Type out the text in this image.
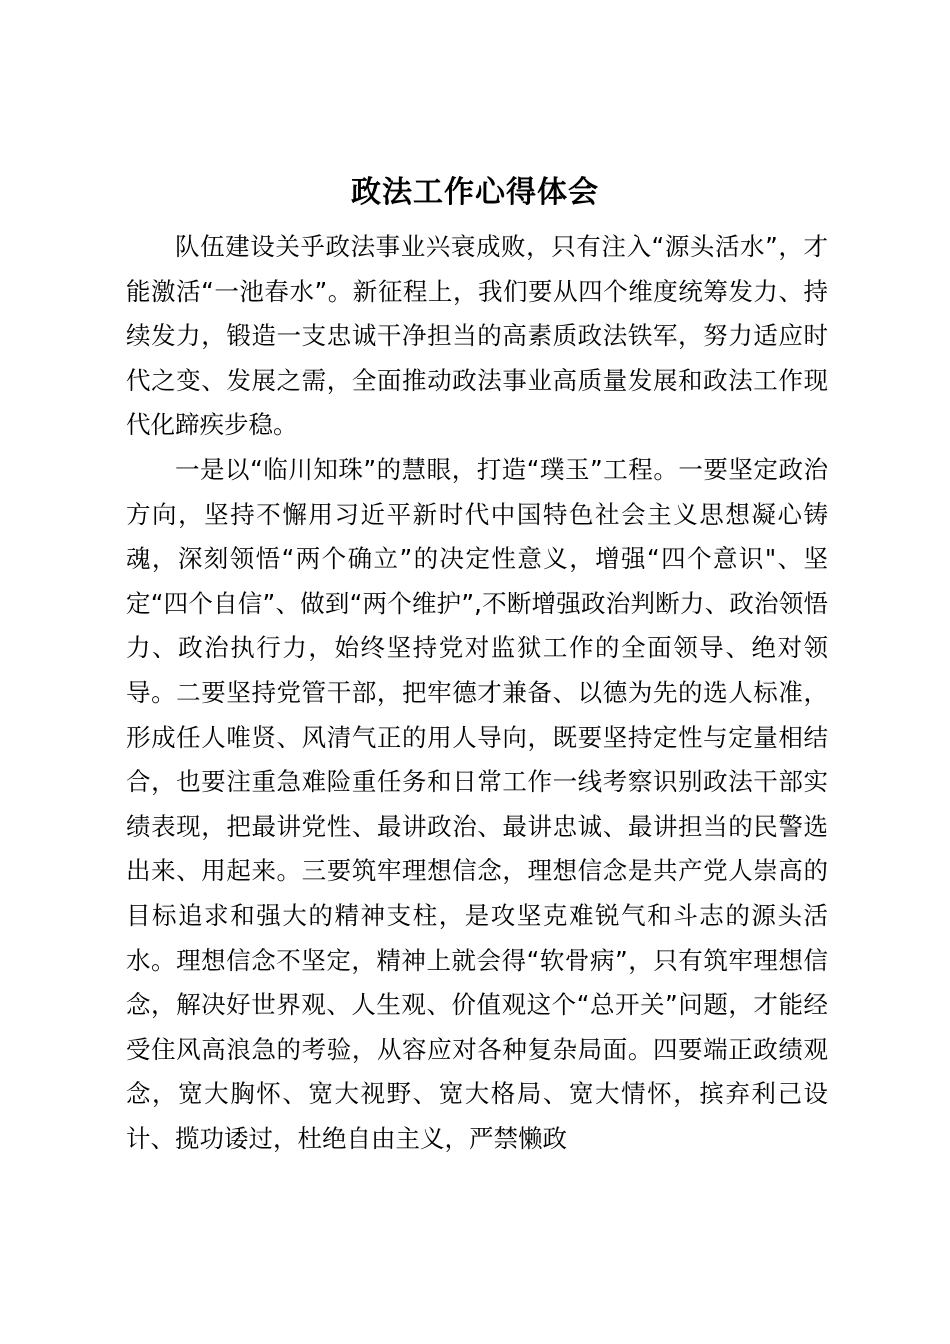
政法工作心得体会

队伍建设关乎政法事业兴衰成败，只有注入“源头活水”，才能激活“一池春水”。新征程上，我们要从四个维度统筹发力、持续发力，锻造一支忠诚干净担当的高素质政法铁军，努力适应时代之变、发展之需，全面推动政法事业高质量发展和政法工作现代化蹄疾步稳。

一是以“临川知珠”的慧眼，打造“璞玉”工程。一要坚定政治方向，坚持不懈用习近平新时代中国特色社会主义思想凝心铸魂，深刻领悟“两个确立”的决定性意义，增强“四个意识"、坚定“四个自信”、做到“两个维护”,不断增强政治判断力、政治领悟力、政治执行力，始终坚持党对监狱工作的全面领导、绝对领导。二要坚持党管干部，把牢德才兼备、以德为先的选人标准，形成任人唯贤、风清气正的用人导向，既要坚持定性与定量相结合，也要注重急难险重任务和日常工作一线考察识别政法干部实绩表现，把最讲党性、最讲政治、最讲忠诚、最讲担当的民警选出来、用起来。三要筑牢理想信念，理想信念是共产党人崇高的目标追求和强大的精神支柱，是攻坚克难锐气和斗志的源头活水。理想信念不坚定，精神上就会得“软骨病”，只有筑牢理想信念，解决好世界观、人生观、价值观这个“总开关”问题，才能经受住风高浪急的考验，从容应对各种复杂局面。四要端正政绩观念，宽大胸怀、宽大视野、宽大格局、宽大情怀，摈弃利己设计、揽功诿过，杜绝自由主义，严禁懒政
